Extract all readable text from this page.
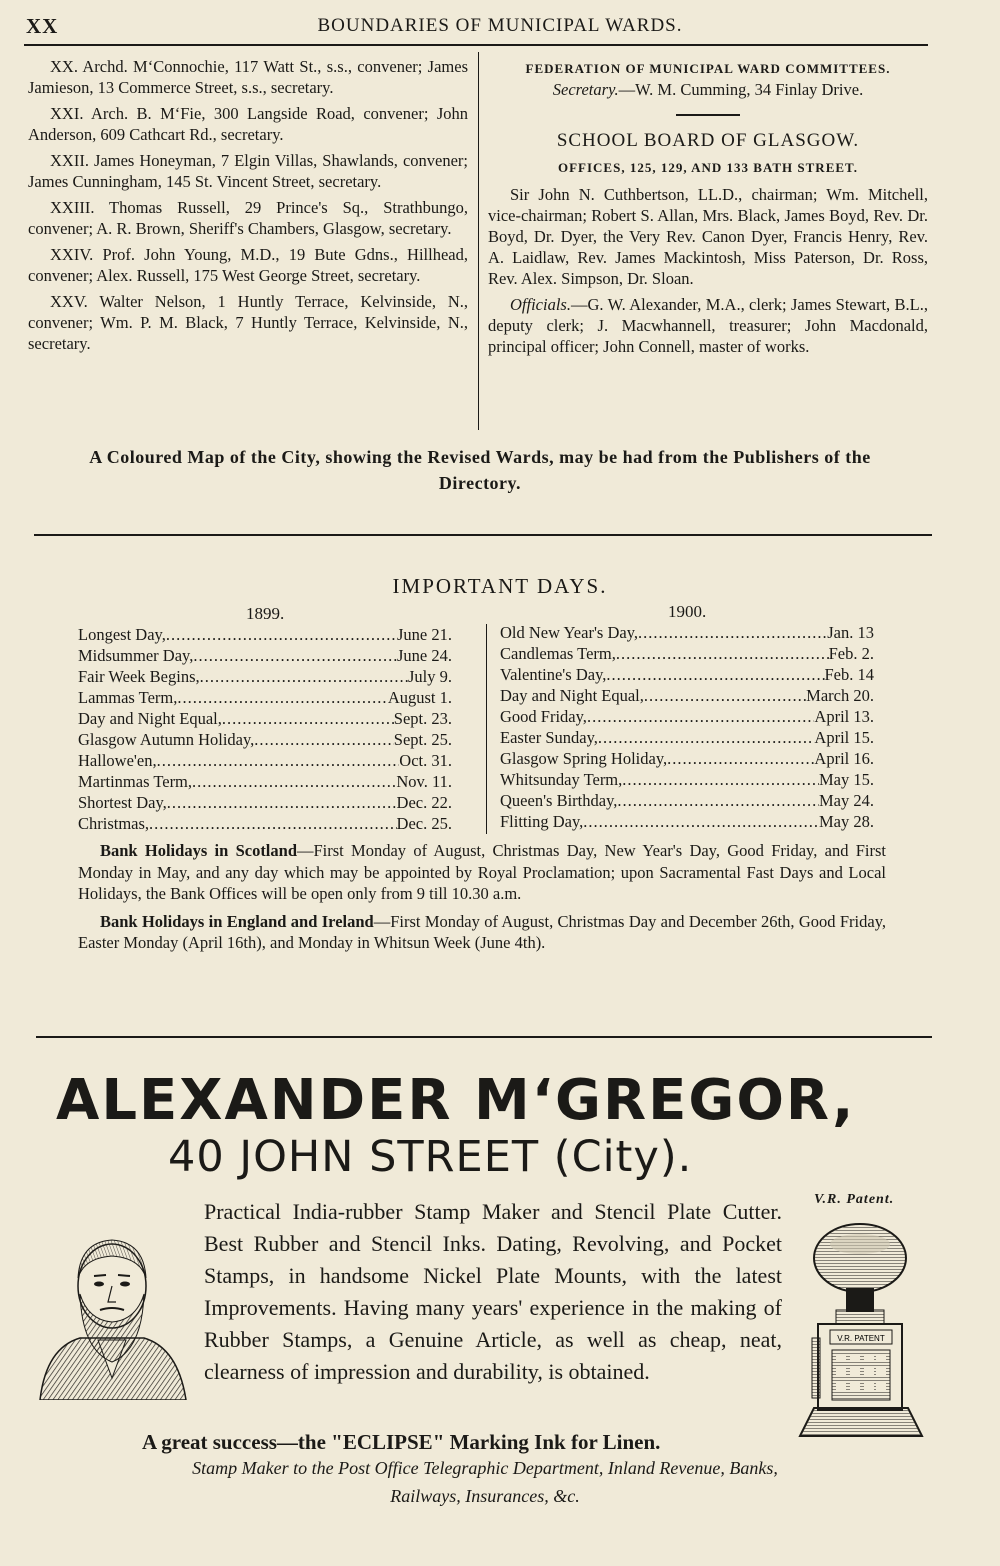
XX	BOUNDARIES OF MUNICIPAL WARDS.

XX. Archd. M‘Connochie, 117 Watt St., s.s., convener; James Jamieson, 13 Commerce Street, s.s., secretary.

XXI. Arch. B. M‘Fie, 300 Langside Road, convener; John Anderson, 609 Cathcart Rd., secretary.

XXII. James Honeyman, 7 Elgin Villas, Shawlands, convener; James Cunningham, 145 St. Vincent Street, secretary.

XXIII. Thomas Russell, 29 Prince's Sq., Strathbungo, convener; A. R. Brown, Sheriff's Chambers, Glasgow, secretary.

XXIV. Prof. John Young, M.D., 19 Bute Gdns., Hillhead, convener; Alex. Russell, 175 West George Street, secretary.

XXV. Walter Nelson, 1 Huntly Terrace, Kelvinside, N., convener; Wm. P. M. Black, 7 Huntly Terrace, Kelvinside, N., secretary.

FEDERATION OF MUNICIPAL WARD COMMITTEES.
Secretary.—W. M. Cumming, 34 Finlay Drive.
SCHOOL BOARD OF GLASGOW.
OFFICES, 125, 129, AND 133 BATH STREET.

Sir John N. Cuthbertson, LL.D., chairman; Wm. Mitchell, vice-chairman; Robert S. Allan, Mrs. Black, James Boyd, Rev. Dr. Boyd, Dr. Dyer, the Very Rev. Canon Dyer, Francis Henry, Rev. A. Laidlaw, Rev. James Mackintosh, Miss Paterson, Dr. Ross, Rev. Alex. Simpson, Dr. Sloan.

Officials.—G. W. Alexander, M.A., clerk; James Stewart, B.L., deputy clerk; J. Macwhannell, treasurer; John Macdonald, principal officer; John Connell, master of works.

A Coloured Map of the City, showing the Revised Wards, may be had from the Publishers of the Directory.
IMPORTANT DAYS.
1899.	1900.
Longest Day, .....	June 21.
Midsummer Day, .....	June 24.
Fair Week Begins, .....	July 9.
Lammas Term, .....	August 1.
Day and Night Equal, .....	Sept. 23.
Glasgow Autumn Holiday, .....	Sept. 25.
Hallowe'en, .....	Oct. 31.
Martinmas Term, .....	Nov. 11.
Shortest Day, .....	Dec. 22.
Christmas, .....	Dec. 25.
Old New Year's Day, .....	Jan. 13
Candlemas Term, .....	Feb. 2.
Valentine's Day, .....	Feb. 14
Day and Night Equal, .....	March 20.
Good Friday, .....	April 13.
Easter Sunday, .....	April 15.
Glasgow Spring Holiday, .....	April 16.
Whitsunday Term, .....	May 15.
Queen's Birthday, .....	May 24.
Flitting Day, .....	May 28.

Bank Holidays in Scotland—First Monday of August, Christmas Day, New Year's Day, Good Friday, and First Monday in May, and any day which may be appointed by Royal Proclamation; upon Sacramental Fast Days and Local Holidays, the Bank Offices will be open only from 9 till 10.30 a.m.

Bank Holidays in England and Ireland—First Monday of August, Christmas Day and December 26th, Good Friday, Easter Monday (April 16th), and Monday in Whitsun Week (June 4th).

ALEXANDER M‘GREGOR,
40 JOHN STREET (City).
Practical India-rubber Stamp Maker and Stencil Plate Cutter. Best Rubber and Stencil Inks. Dating, Revolving, and Pocket Stamps, in handsome Nickel Plate Mounts, with the latest Improvements. Having many years' experience in the making of Rubber Stamps, a Genuine Article, as well as cheap, neat, clearness of impression and durability, is obtained.
V.R. Patent.
V.R. PATENT
A great success—the "ECLIPSE" Marking Ink for Linen.
Stamp Maker to the Post Office Telegraphic Department, Inland Revenue, Banks,
Railways, Insurances, &c.
